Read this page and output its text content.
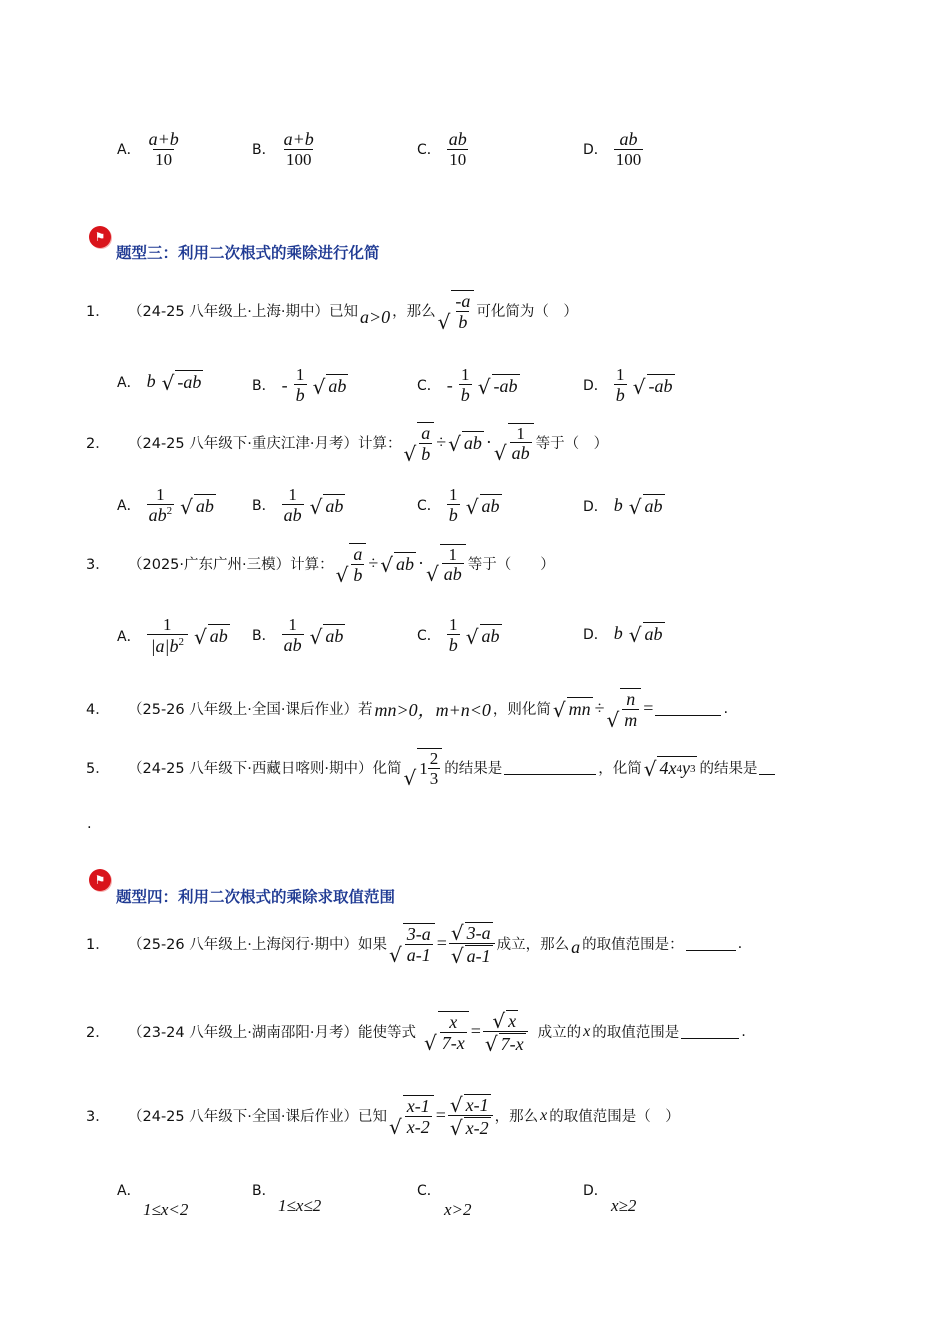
A． $\frac{a+b}{10}$	B． $\frac{a+b}{100}$	C． $\frac{ab}{10}$	D． $\frac{ab}{100}$
⚑
题型三：利用二次根式的乘除进行化简
1．	（24-25 八年级上·上海·期中）已知 a>0 ，那么 √ $\frac{-a}{b}$ 可化简为（　）
A． b √ -ab	B． - $\frac{1}{b}$ √ ab	C． - $\frac{1}{b}$ √ -ab	D． $\frac{1}{b}$ √ -ab
2．	（24-25 八年级下·重庆江津·月考）计算： √ $\frac{a}{b}$ ÷ √ ab · √ $\frac{1}{ab}$ 等于（　）
A． $\frac{1}{ab^2}$ √ ab	B． $\frac{1}{ab}$ √ ab	C． $\frac{1}{b}$ √ ab	D． b √ ab
3．	（2025·广东广州·三模）计算： √ $\frac{a}{b}$ ÷ √ ab · √ $\frac{1}{ab}$ 等于（　　）
A． $\frac{1}{|a|b^2}$ √ ab B． $\frac{1}{ab}$ √ ab	C． $\frac{1}{b}$ √ ab	D． b √ ab
4．	（25-26 八年级上·全国·课后作业）若 mn>0，m+n<0 ，则化简 √ mn ÷ √ $\frac{n}{m}$ =	.
5．	（24-25 八年级下·西藏日喀则·期中）化简 √ $1 \frac{2}{3}$ 的结果是	，化简 √ 4x 4 y 3 的结果是
.
⚑
题型四：利用二次根式的乘除求取值范围
1．	（25-26 八年级上·上海闵行·期中）如果 √ $\frac{3-a}{a-1} = \frac{√ 3-a}{√ a-1}$ 成立，那么 a 的取值范围是：	.
2．	（23-24 八年级上·湖南邵阳·月考）能使等式 √ $\frac{x}{7-x} = \frac{√ x}{√ 7-x}$ 成立的 x 的取值范围是	.
3．	（24-25 八年级下·全国·课后作业）已知 √ $\frac{x-1}{x-2} = \frac{√ x-1}{√ x-2}$ ，那么 x 的取值范围是（　）
A．
1≤x<2
B．
1≤x≤2
C．
x>2
D．
x≥2
